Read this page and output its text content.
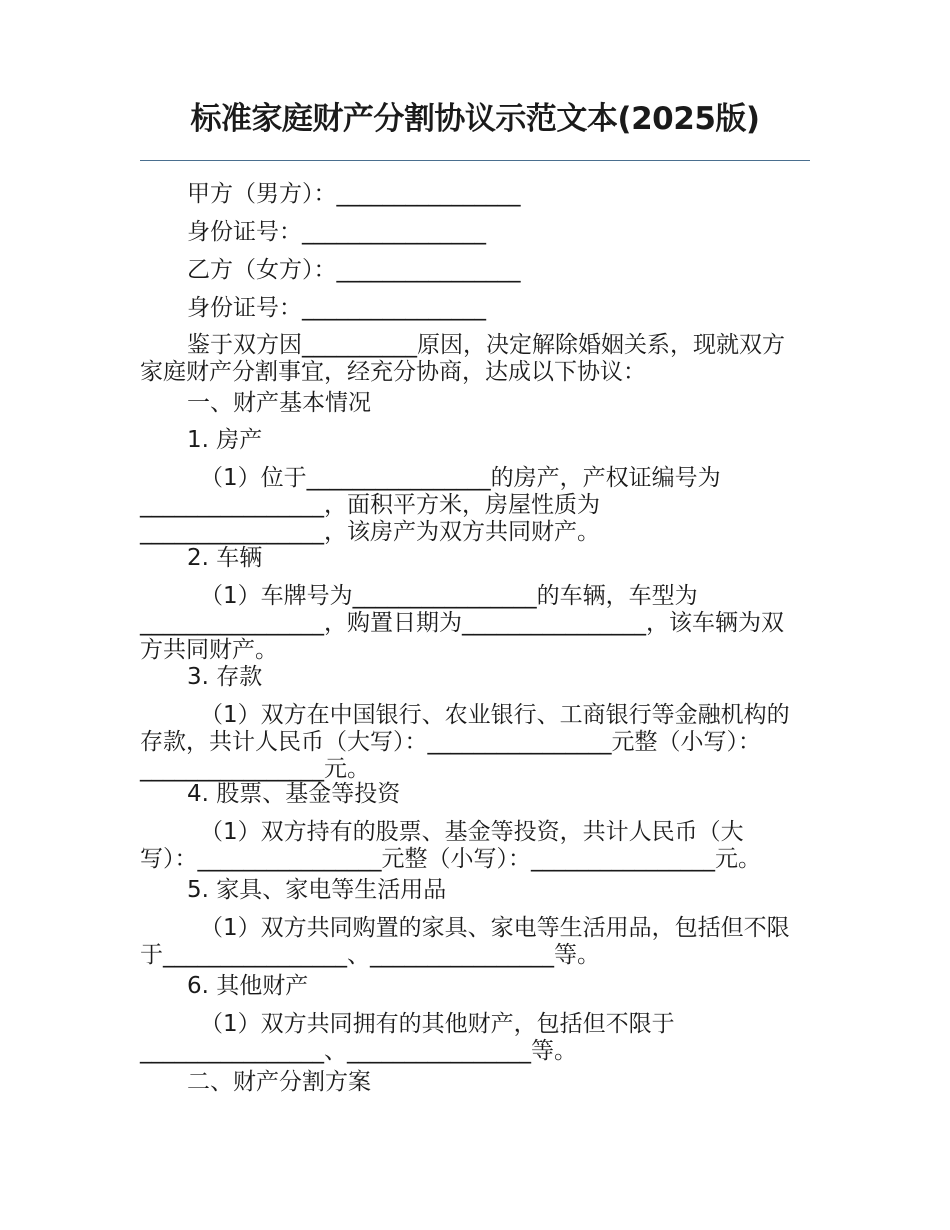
标准家庭财产分割协议示范文本(2025版)

甲方（男方）：________________

身份证号：________________

乙方（女方）：________________

身份证号：________________

鉴于双方因__________原因，决定解除婚姻关系，现就双方家庭财产分割事宜，经充分协商，达成以下协议：

一、财产基本情况

1. 房产

（1）位于________________的房产，产权证编号为________________，面积平方米，房屋性质为________________，该房产为双方共同财产。

2. 车辆

（1）车牌号为________________的车辆，车型为________________，购置日期为________________，该车辆为双方共同财产。

3. 存款

（1）双方在中国银行、农业银行、工商银行等金融机构的存款，共计人民币（大写）：________________元整（小写）：________________元。

4. 股票、基金等投资

（1）双方持有的股票、基金等投资，共计人民币（大写）：________________元整（小写）：________________元。

5. 家具、家电等生活用品

（1）双方共同购置的家具、家电等生活用品，包括但不限于________________、________________等。

6. 其他财产

（1）双方共同拥有的其他财产，包括但不限于________________、________________等。

二、财产分割方案
